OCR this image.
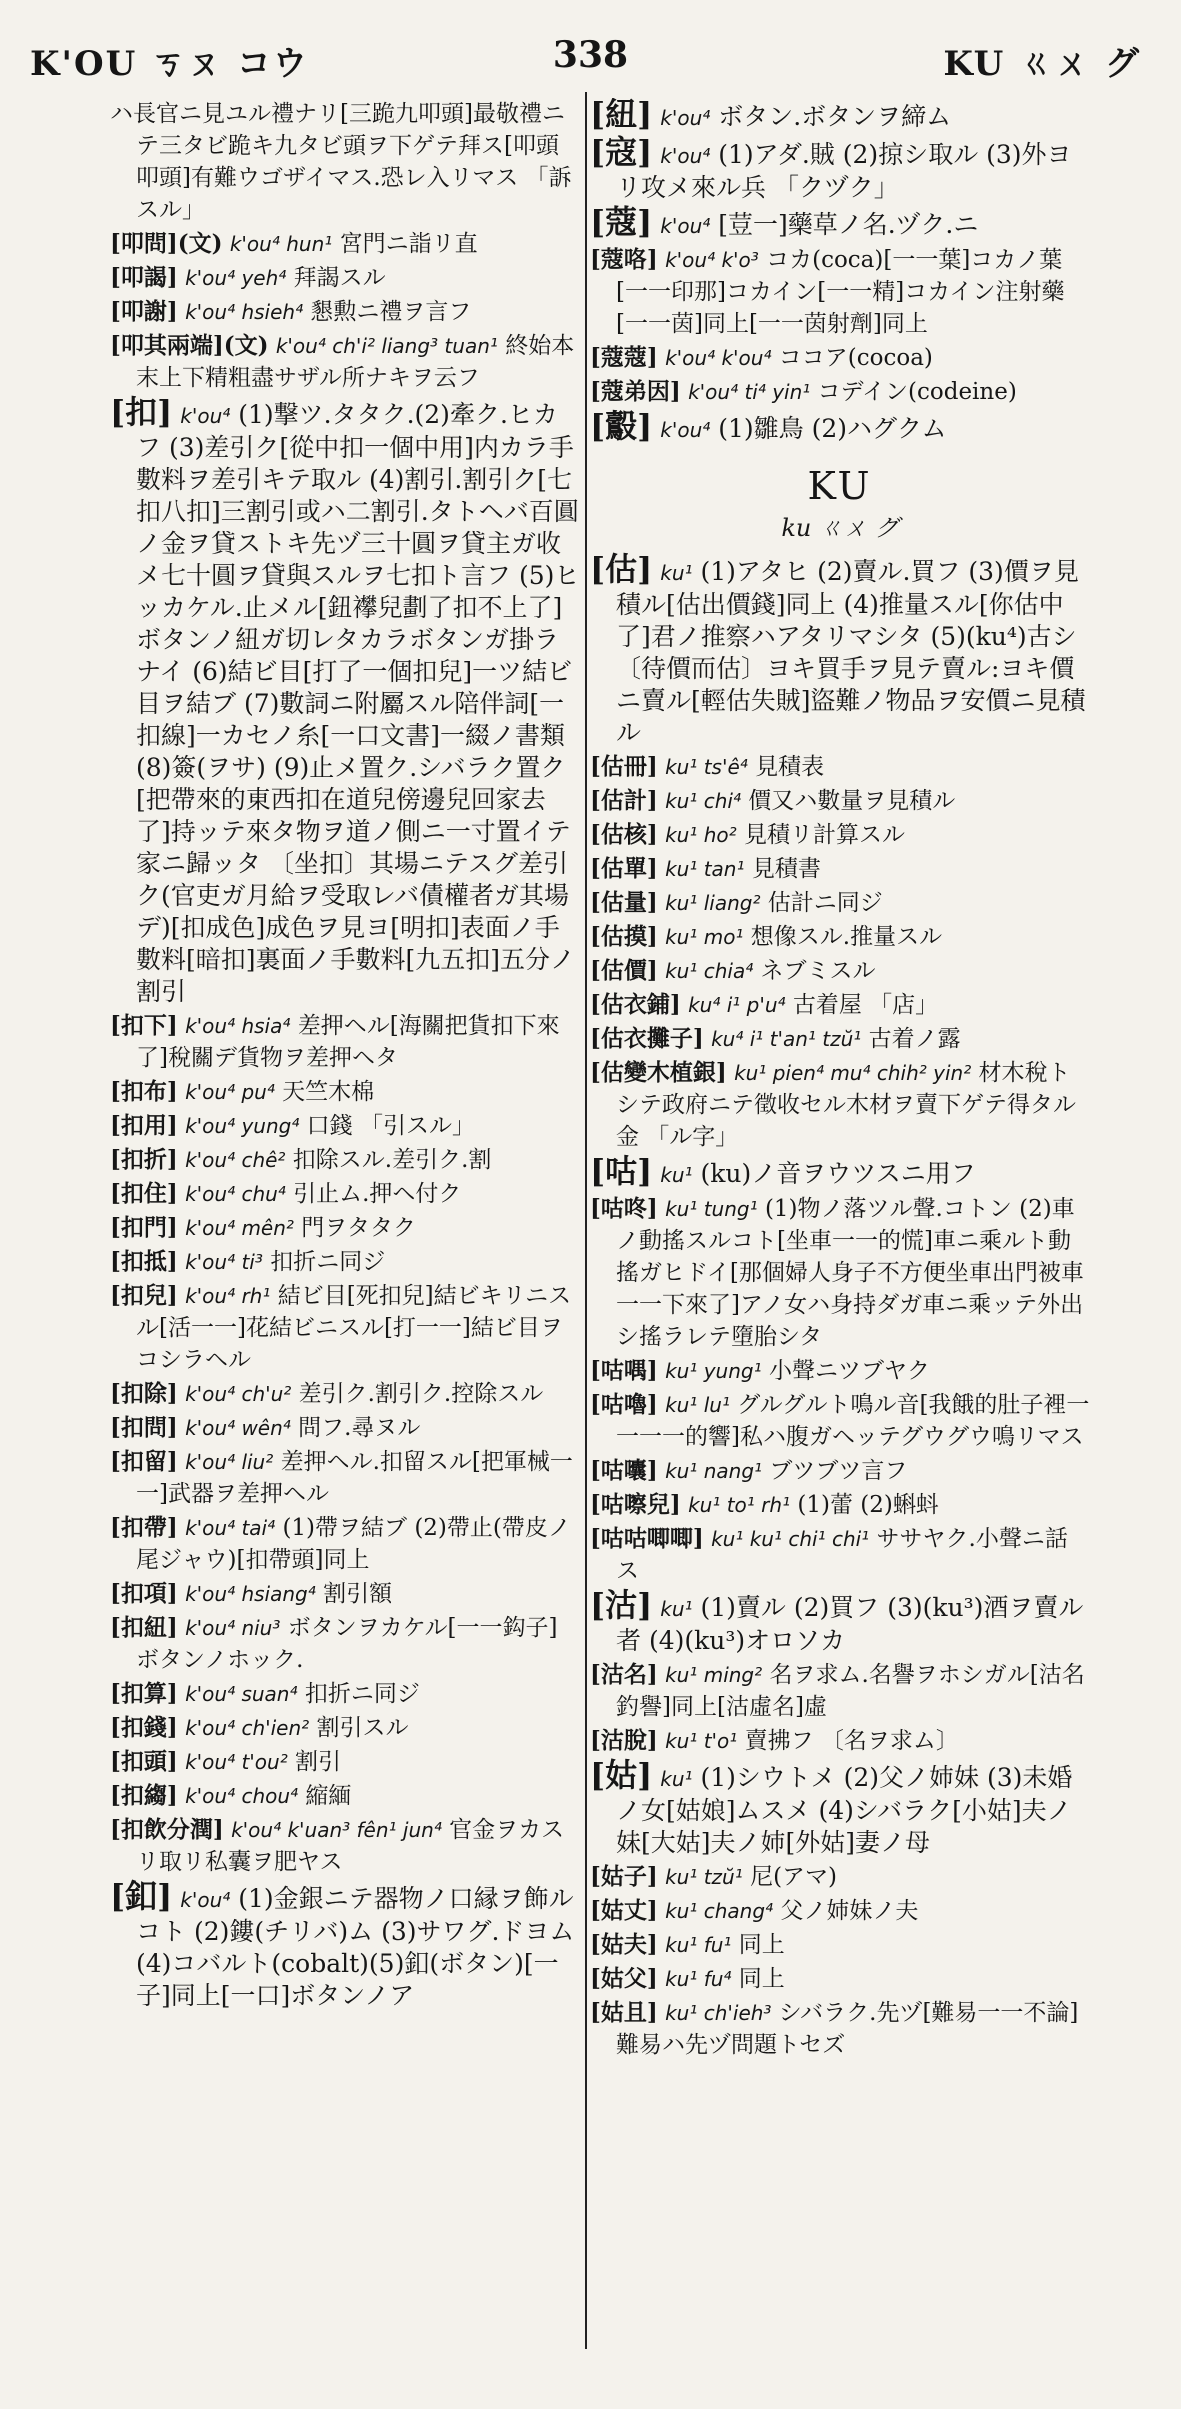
K'OU ㄎㄡ コウ	338	KU ㄍㄨ グ
ハ長官ニ見ユル禮ナリ[三跪九叩頭]最敬禮ニテ三タビ跪キ九タビ頭ヲ下ゲテ拜ス[叩頭叩頭]有難ウゴザイマス.恐レ入リマス 「訴スル」
[叩問](文) k'ou⁴ hun¹ 宮門ニ詣リ直
[叩謁] k'ou⁴ yeh⁴ 拜謁スル
[叩謝] k'ou⁴ hsieh⁴ 懇勲ニ禮ヲ言フ
[叩其兩端](文) k'ou⁴ ch'i² liang³ tuan¹ 終始本末上下精粗盡サザル所ナキヲ云フ
[扣] k'ou⁴ (1)撃ツ.タタク.(2)牽ク.ヒカフ (3)差引ク[從中扣一個中用]内カラ手數料ヲ差引キテ取ル (4)割引.割引ク[七扣八扣]三割引或ハ二割引.タトヘバ百圓ノ金ヲ貸ストキ先ヅ三十圓ヲ貸主ガ收メ七十圓ヲ貸與スルヲ七扣ト言フ (5)ヒッカケル.止メル[鈕襻兒劃了扣不上了]ボタンノ紐ガ切レタカラボタンガ掛ラナイ (6)結ビ目[打了一個扣兒]一ツ結ビ目ヲ結ブ (7)數詞ニ附屬スル陪伴詞[一扣線]一カセノ糸[一口文書]一綴ノ書類 (8)簽(ヲサ) (9)止メ置ク.シバラク置ク[把帶來的東西扣在道兒傍邊兒回家去了]持ッテ來タ物ヲ道ノ側ニ一寸置イテ家ニ歸ッタ 〔坐扣〕其場ニテスグ差引ク(官吏ガ月給ヲ受取レバ債權者ガ其場デ)[扣成色]成色ヲ見ヨ[明扣]表面ノ手數料[暗扣]裏面ノ手數料[九五扣]五分ノ割引
[扣下] k'ou⁴ hsia⁴ 差押ヘル[海關把貨扣下來了]稅關デ貨物ヲ差押ヘタ
[扣布] k'ou⁴ pu⁴ 天竺木棉
[扣用] k'ou⁴ yung⁴ 口錢 「引スル」
[扣折] k'ou⁴ chê² 扣除スル.差引ク.割
[扣住] k'ou⁴ chu⁴ 引止ム.押ヘ付ク
[扣門] k'ou⁴ mên² 門ヲタタク
[扣抵] k'ou⁴ ti³ 扣折ニ同ジ
[扣兒] k'ou⁴ rh¹ 結ビ目[死扣兒]結ビキリニスル[活一一]花結ビニスル[打一一]結ビ目ヲコシラヘル
[扣除] k'ou⁴ ch'u² 差引ク.割引ク.控除スル
[扣問] k'ou⁴ wên⁴ 問フ.尋ヌル
[扣留] k'ou⁴ liu² 差押ヘル.扣留スル[把軍械一一]武器ヲ差押ヘル
[扣帶] k'ou⁴ tai⁴ (1)帶ヲ結ブ (2)帶止(帶皮ノ尾ジャウ)[扣帶頭]同上
[扣項] k'ou⁴ hsiang⁴ 割引額
[扣紐] k'ou⁴ niu³ ボタンヲカケル[一一鈎子]ボタンノホック.
[扣算] k'ou⁴ suan⁴ 扣折ニ同ジ
[扣錢] k'ou⁴ ch'ien² 割引スル
[扣頭] k'ou⁴ t'ou² 割引
[扣縐] k'ou⁴ chou⁴ 縮緬
[扣飲分潤] k'ou⁴ k'uan³ fên¹ jun⁴ 官金ヲカスリ取リ私囊ヲ肥ヤス
[釦] k'ou⁴ (1)金銀ニテ器物ノ口縁ヲ飾ルコト (2)鏤(チリバ)ム (3)サワグ.ドヨム (4)コバルト(cobalt)(5)釦(ボタン)[一子]同上[一口]ボタンノア
[紐] k'ou⁴ ボタン.ボタンヲ締ム
[寇] k'ou⁴ (1)アダ.賊 (2)掠シ取ル (3)外ヨリ攻メ來ル兵 「クヅク」
[蔻] k'ou⁴ [荳一]藥草ノ名.ヅク.ニ
[蔻咯] k'ou⁴ k'o³ コカ(coca)[一一葉]コカノ葉[一一印那]コカイン[一一精]コカイン注射藥[一一茵]同上[一一茵射劑]同上
[蔻蔻] k'ou⁴ k'ou⁴ ココア(cocoa)
[蔻弟因] k'ou⁴ ti⁴ yin¹ コデイン(codeine)
[鷇] k'ou⁴ (1)雛鳥 (2)ハグクム
KU
ku ㄍㄨ グ
[估] ku¹ (1)アタヒ (2)賣ル.買フ (3)價ヲ見積ル[估出價錢]同上 (4)推量スル[你估中了]君ノ推察ハアタリマシタ (5)(ku⁴)古シ 〔待價而估〕ヨキ買手ヲ見テ賣ル:ヨキ價ニ賣ル[輕估失賊]盜難ノ物品ヲ安價ニ見積ル
[估冊] ku¹ ts'ê⁴ 見積表
[估計] ku¹ chi⁴ 價又ハ數量ヲ見積ル
[估核] ku¹ ho² 見積リ計算スル
[估單] ku¹ tan¹ 見積書
[估量] ku¹ liang² 估計ニ同ジ
[估摸] ku¹ mo¹ 想像スル.推量スル
[估價] ku¹ chia⁴ ネブミスル
[估衣鋪] ku⁴ i¹ p'u⁴ 古着屋 「店」
[估衣攤子] ku⁴ i¹ t'an¹ tzŭ¹ 古着ノ露
[估變木植銀] ku¹ pien⁴ mu⁴ chih² yin² 材木稅トシテ政府ニテ徵收セル木材ヲ賣下ゲテ得タル金 「ル字」
[咕] ku¹ (ku)ノ音ヲウツスニ用フ
[咕咚] ku¹ tung¹ (1)物ノ落ツル聲.コトン (2)車ノ動搖スルコト[坐車一一的慌]車ニ乘ルト動搖ガヒドイ[那個婦人身子不方便坐車出門被車一一下來了]アノ女ハ身持ダガ車ニ乘ッテ外出シ搖ラレテ墮胎シタ
[咕喁] ku¹ yung¹ 小聲ニツブヤク
[咕嚕] ku¹ lu¹ グルグルト鳴ル音[我餓的肚子裡一一一一的響]私ハ腹ガヘッテグウグウ鳴リマス
[咕囔] ku¹ nang¹ ブツブツ言フ
[咕嚓兒] ku¹ to¹ rh¹ (1)蕾 (2)蝌蚪
[咕咕唧唧] ku¹ ku¹ chi¹ chi¹ ササヤク.小聲ニ話ス
[沽] ku¹ (1)賣ル (2)買フ (3)(ku³)酒ヲ賣ル者 (4)(ku³)オロソカ
[沽名] ku¹ ming² 名ヲ求ム.名譽ヲホシガル[沽名釣譽]同上[沽虛名]虛
[沽脫] ku¹ t'o¹ 賣拂フ 〔名ヲ求ム〕
[姑] ku¹ (1)シウトメ (2)父ノ姉妹 (3)未婚ノ女[姑娘]ムスメ (4)シバラク[小姑]夫ノ妹[大姑]夫ノ姉[外姑]妻ノ母
[姑子] ku¹ tzŭ¹ 尼(アマ)
[姑丈] ku¹ chang⁴ 父ノ姉妹ノ夫
[姑夫] ku¹ fu¹ 同上
[姑父] ku¹ fu⁴ 同上
[姑且] ku¹ ch'ieh³ シバラク.先ヅ[難易一一不論]難易ハ先ヅ問題トセズ
